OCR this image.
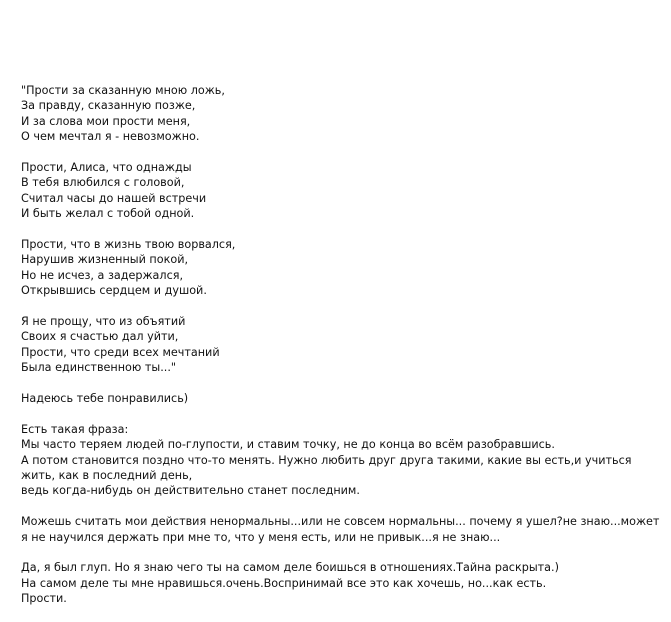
"Прости за сказанную мною ложь,
За правду, сказанную позже,
И за слова мои прости меня,
О чем мечтал я - невозможно.

Прости, Алиса, что однажды
В тебя влюбился с головой,
Считал часы до нашей встречи
И быть желал с тобой одной.

Прости, что в жизнь твою ворвался,
Нарушив жизненный покой,
Но не исчез, а задержался,
Открывшись сердцем и душой.

Я не прощу, что из объятий
Своих я счастью дал уйти,
Прости, что среди всех мечтаний
Была единственною ты..."

Надеюсь тебе понравились)

Есть такая фраза:
Мы часто теряем людей по-глупости, и ставим точку, не до конца во всём разобравшись.
А потом становится поздно что-то менять. Нужно любить друг друга такими, какие вы есть,и учиться жить, как в последний день,
ведь когда-нибудь он действительно станет последним.

Можешь считать мои действия ненормальны...или не совсем нормальны... почему я ушел?не знаю...может я не научился держать при мне то, что у меня есть, или не привык...я не знаю...

Да, я был глуп. Но я знаю чего ты на самом деле боишься в отношениях.Тайна раскрыта.)
На самом деле ты мне нравишься.очень.Воспринимай все это как хочешь, но...как есть.
Прости.
